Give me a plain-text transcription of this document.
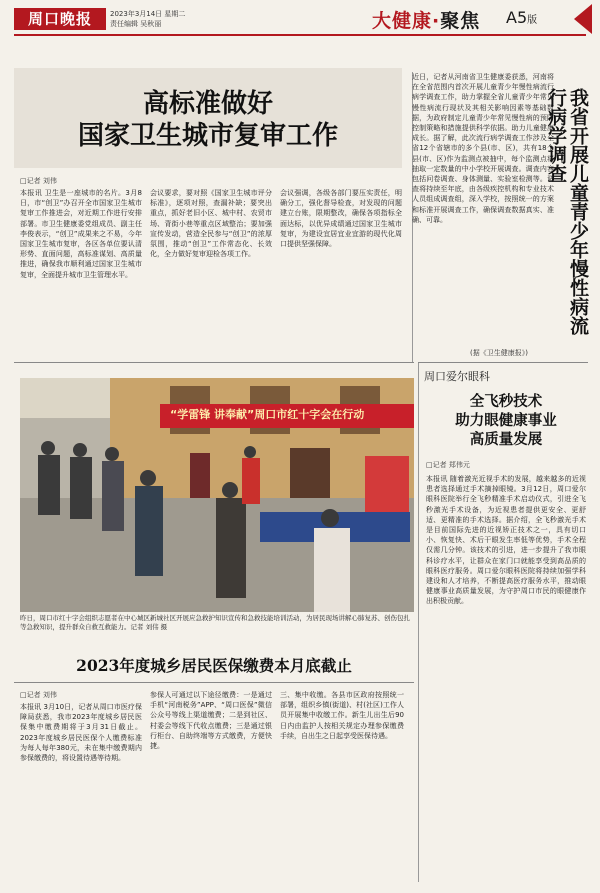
周口晚报	2023年3月14日 星期二
责任编辑 吴秋丽	大健康·聚焦 A5版
高标准做好
国家卫生城市复审工作
□记者 刘伟
本报讯 卫生是一座城市的名片。3月8日，市“创卫”办召开全市国家卫生城市复审工作推进会，对近期工作进行安排部署。市卫生健康委党组成员、副主任李俊表示，“创卫”成果来之不易，今年国家卫生城市复审，各区各单位要认清形势、直面问题，高标准谋划、高质量推进，确保我市顺利通过国家卫生城市复审，全面提升城市卫生管理水平。
会议要求，要对照《国家卫生城市评分标准》，逐项对照，查漏补缺；要突出重点，抓好老旧小区、城中村、农贸市场、背街小巷等重点区域整治；要加强宣传发动，营造全民参与“创卫”的浓厚氛围，推动“创卫”工作常态化、长效化，全力做好复审迎检各项工作。
会议强调，各级各部门要压实责任，明确分工，强化督导检查，对发现的问题建立台账，限期整改，确保各项指标全面达标，以优异成绩通过国家卫生城市复审，为建设宜居宜业宜游的现代化周口提供坚强保障。
近日，记者从河南省卫生健康委获悉，河南将在全省范围内首次开展儿童青少年慢性病流行病学调查工作，助力掌握全省儿童青少年常见慢性病流行现状及其相关影响因素等基础数据，为政府制定儿童青少年常见慢性病的预防控制策略和措施提供科学依据。助力儿童健康成长。据了解，此次流行病学调查工作涉及全省12个省辖市的多个县(市、区)，共有18个县(市、区)作为监测点被抽中，每个监测点将抽取一定数量的中小学校开展调查。调查内容包括问卷调查、身体测量、实验室检测等。调查将持续至年底，由各级疾控机构和专业技术人员组成调查组，深入学校，按照统一的方案和标准开展调查工作，确保调查数据真实、准确、可靠。
(据《卫生健康报》)
我省开展儿童青少年慢性病流行病学调查
“学雷锋 讲奉献”周口市红十字会在行动
昨日，周口市红十字会组织志愿者在中心城区新城社区开展应急救护知识宣传和急救技能培训活动，为居民现场讲解心肺复苏、创伤包扎等急救知识，提升群众自救互救能力。记者 刘伟 摄
2023年度城乡居民医保缴费本月底截止
□记者 刘伟
本报讯 3月10日，记者从周口市医疗保障局获悉，我市2023年度城乡居民医保集中缴费期将于3月31日截止。2023年度城乡居民医保个人缴费标准为每人每年380元，未在集中缴费期内参保缴费的，将设置待遇等待期。
参保人可通过以下途径缴费：一是通过手机“河南税务”APP、“周口医保”微信公众号等线上渠道缴费；二是到社区、村委会等线下代收点缴费；三是通过银行柜台、自助终端等方式缴费，方便快捷。
三、集中收缴。各县市区政府按照统一部署，组织乡镇(街道)、村(社区)工作人员开展集中收缴工作。新生儿出生后90日内由监护人按相关规定办理参保缴费手续，自出生之日起享受医保待遇。
周口爱尔眼科
全飞秒技术
助力眼健康事业
高质量发展
□记者 郑伟元
本报讯 随着激光近视手术的发展，越来越多的近视患者选择通过手术摘掉眼镜。3月12日，周口爱尔眼科医院举行全飞秒精准手术启动仪式，引进全飞秒激光手术设备，为近视患者提供更安全、更舒适、更精准的手术选择。据介绍，全飞秒激光手术是目前国际先进的近视矫正技术之一，具有切口小、恢复快、术后干眼发生率低等优势，手术全程仅需几分钟。该技术的引进，进一步提升了我市眼科诊疗水平，让群众在家门口就能享受到高品质的眼科医疗服务。周口爱尔眼科医院将持续加强学科建设和人才培养，不断提高医疗服务水平，推动眼健康事业高质量发展，为守护周口市民的眼健康作出积极贡献。
